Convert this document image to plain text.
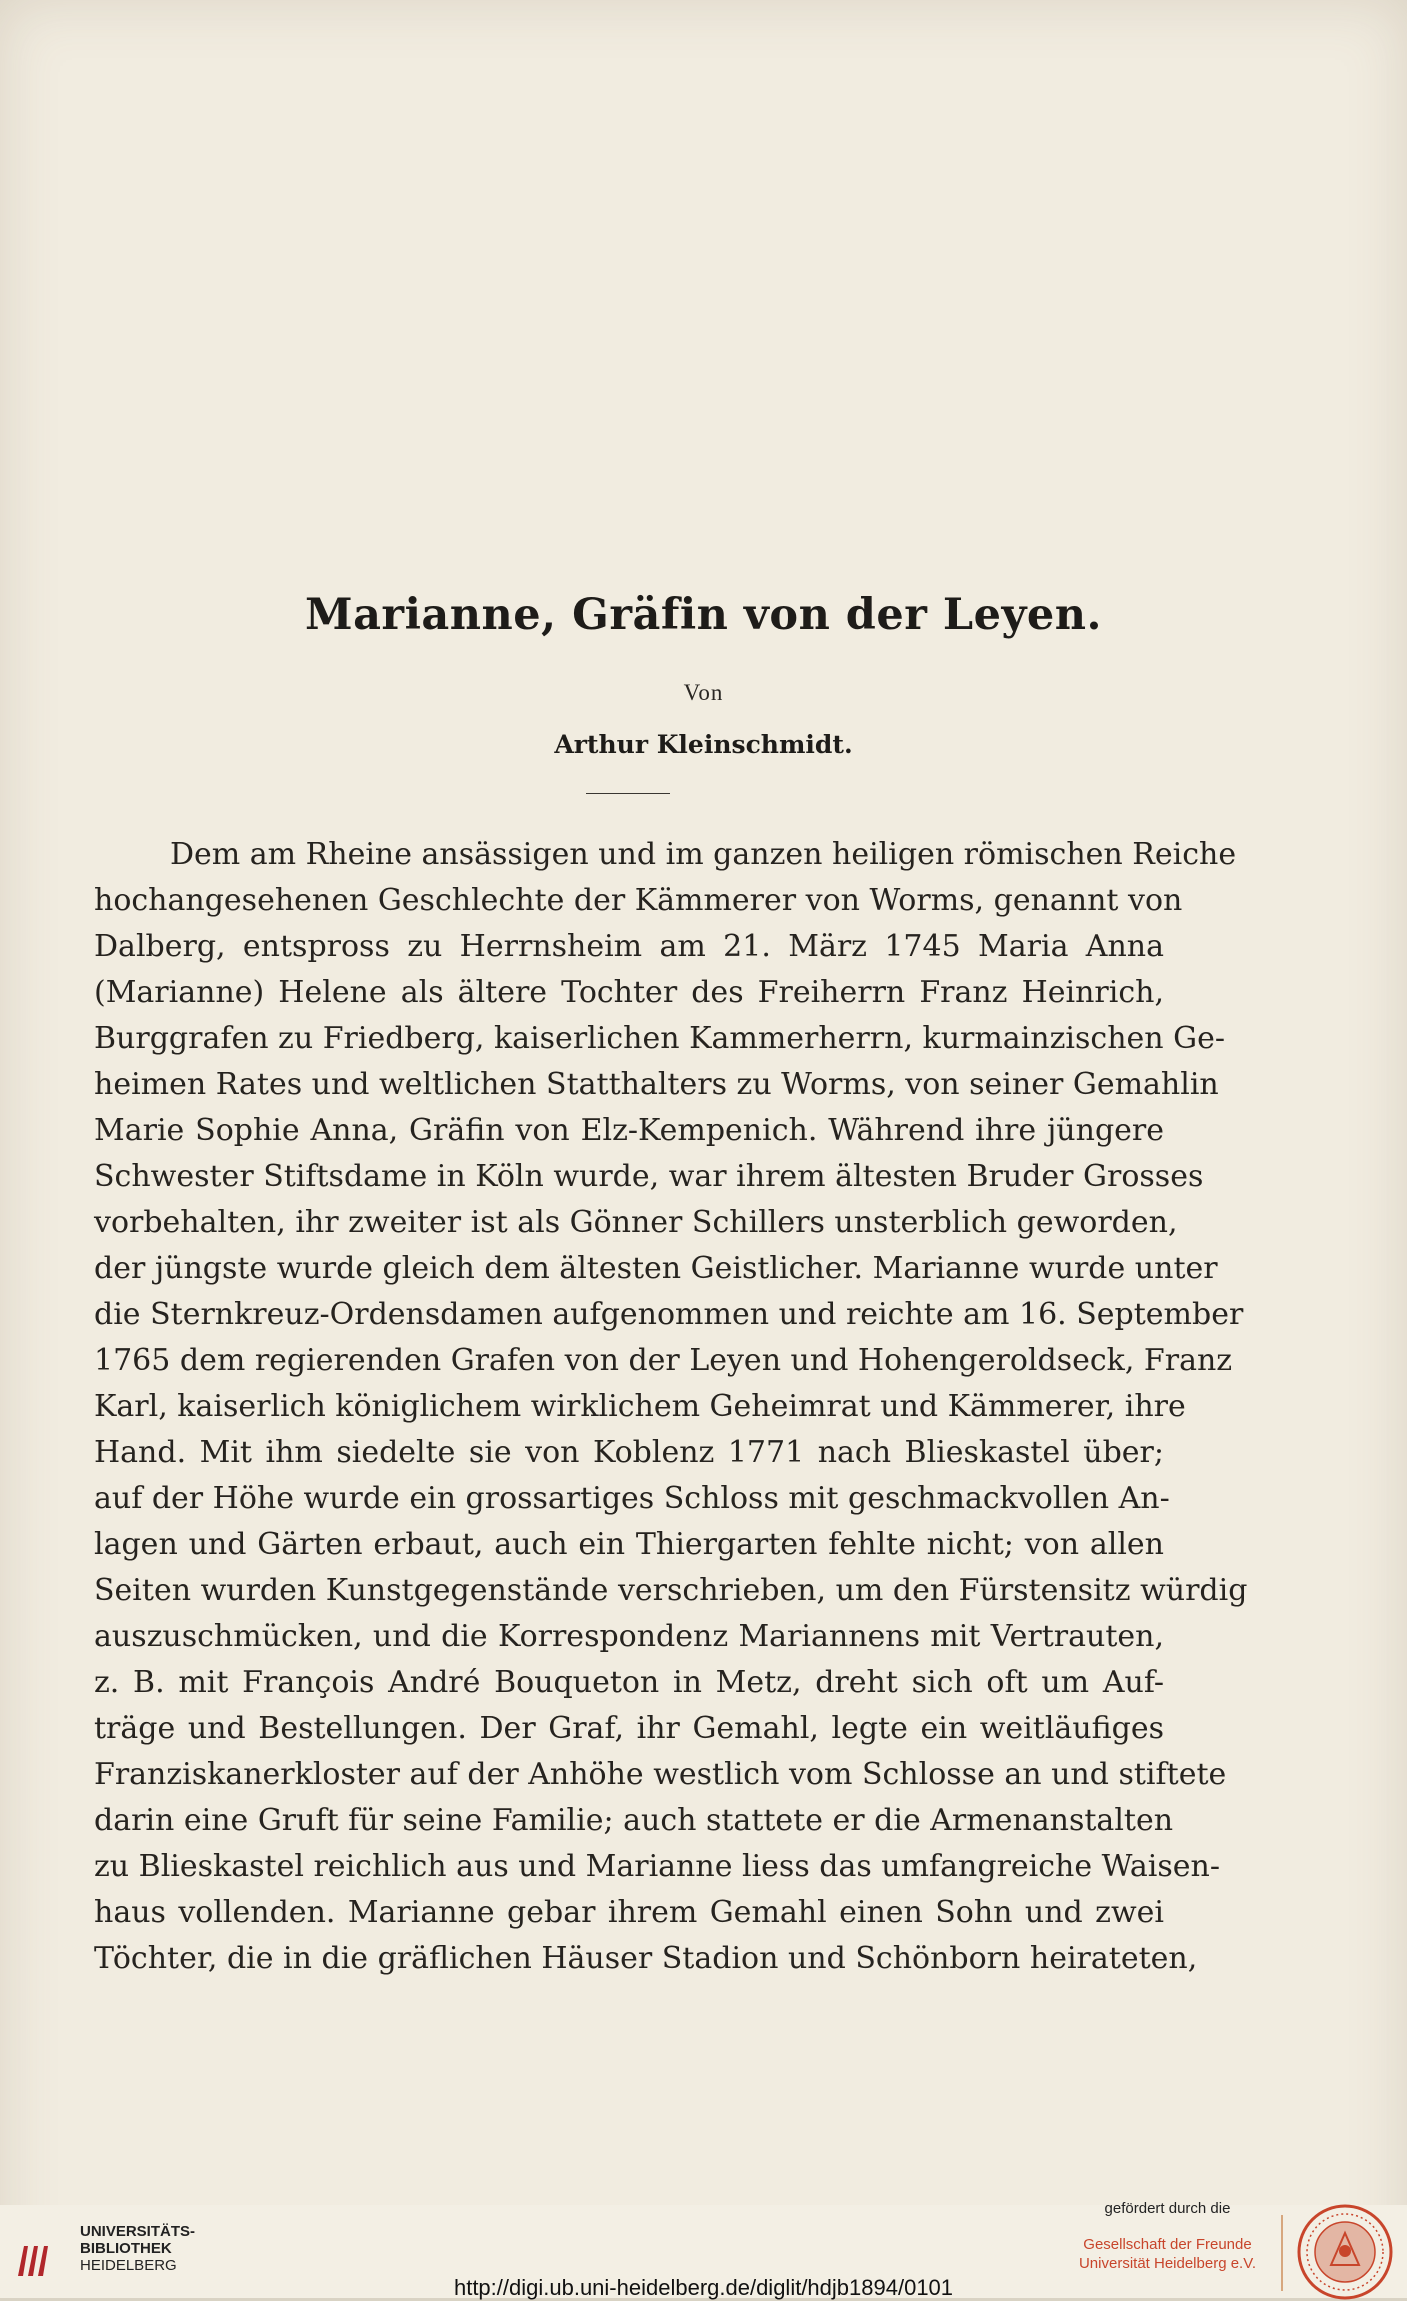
Marianne, Gräfin von der Leyen.
Von
Arthur Kleinschmidt.
Dem am Rheine ansässigen und im ganzen heiligen römischen Reiche
hochangesehenen Geschlechte der Kämmerer von Worms, genannt von
Dalberg, entspross zu Herrnsheim am 21. März 1745 Maria Anna
(Marianne) Helene als ältere Tochter des Freiherrn Franz Heinrich,
Burggrafen zu Friedberg, kaiserlichen Kammerherrn, kurmainzischen Ge-
heimen Rates und weltlichen Statthalters zu Worms, von seiner Gemahlin
Marie Sophie Anna, Gräfin von Elz-Kempenich. Während ihre jüngere
Schwester Stiftsdame in Köln wurde, war ihrem ältesten Bruder Grosses
vorbehalten, ihr zweiter ist als Gönner Schillers unsterblich geworden,
der jüngste wurde gleich dem ältesten Geistlicher. Marianne wurde unter
die Sternkreuz-Ordensdamen aufgenommen und reichte am 16. September
1765 dem regierenden Grafen von der Leyen und Hohengeroldseck, Franz
Karl, kaiserlich königlichem wirklichem Geheimrat und Kämmerer, ihre
Hand. Mit ihm siedelte sie von Koblenz 1771 nach Blieskastel über;
auf der Höhe wurde ein grossartiges Schloss mit geschmackvollen An-
lagen und Gärten erbaut, auch ein Thiergarten fehlte nicht; von allen
Seiten wurden Kunstgegenstände verschrieben, um den Fürstensitz würdig
auszuschmücken, und die Korrespondenz Mariannens mit Vertrauten,
z. B. mit François André Bouqueton in Metz, dreht sich oft um Auf-
träge und Bestellungen. Der Graf, ihr Gemahl, legte ein weitläufiges
Franziskanerkloster auf der Anhöhe westlich vom Schlosse an und stiftete
darin eine Gruft für seine Familie; auch stattete er die Armenanstalten
zu Blieskastel reichlich aus und Marianne liess das umfangreiche Waisen-
haus vollenden. Marianne gebar ihrem Gemahl einen Sohn und zwei
Töchter, die in die gräflichen Häuser Stadion und Schönborn heirateten,
UNIVERSITÄTS-
BIBLIOTHEK
HEIDELBERG
http://digi.ub.uni-heidelberg.de/diglit/hdjb1894/0101
gefördert durch die
Gesellschaft der Freunde
Universität Heidelberg e.V.
